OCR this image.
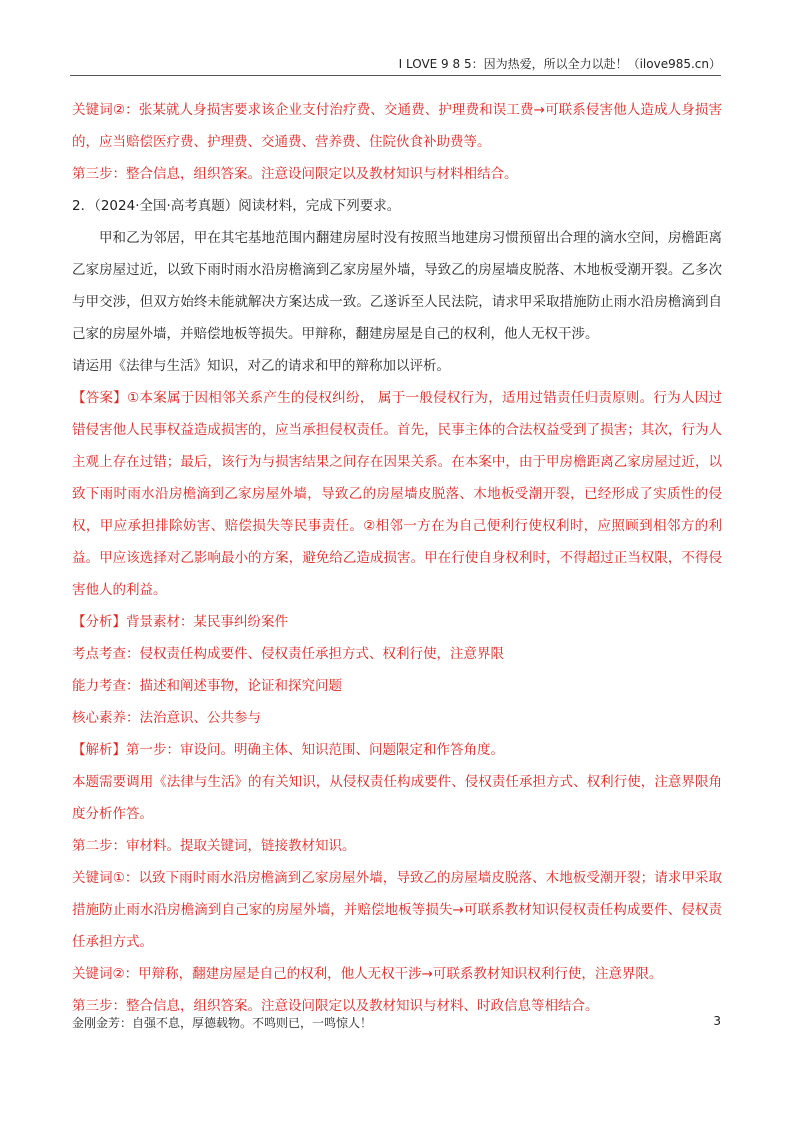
I LOVE 9 8 5：因为热爱，所以全力以赴！（ilove985.cn）

关键词②：张某就人身损害要求该企业支付治疗费、交通费、护理费和误工费→可联系侵害他人造成人身损害的，应当赔偿医疗费、护理费、交通费、营养费、住院伙食补助费等。

第三步：整合信息，组织答案。注意设问限定以及教材知识与材料相结合。

2．（2024·全国·高考真题）阅读材料，完成下列要求。

甲和乙为邻居，甲在其宅基地范围内翻建房屋时没有按照当地建房习惯预留出合理的滴水空间，房檐距离乙家房屋过近，以致下雨时雨水沿房檐滴到乙家房屋外墙，导致乙的房屋墙皮脱落、木地板受潮开裂。乙多次与甲交涉，但双方始终未能就解决方案达成一致。乙遂诉至人民法院，请求甲采取措施防止雨水沿房檐滴到自己家的房屋外墙，并赔偿地板等损失。甲辩称，翻建房屋是自己的权利，他人无权干涉。

请运用《法律与生活》知识，对乙的请求和甲的辩称加以评析。

【答案】①本案属于因相邻关系产生的侵权纠纷， 属于一般侵权行为，适用过错责任归责原则。行为人因过错侵害他人民事权益造成损害的，应当承担侵权责任。首先，民事主体的合法权益受到了损害；其次，行为人主观上存在过错；最后，该行为与损害结果之间存在因果关系。在本案中，由于甲房檐距离乙家房屋过近，以致下雨时雨水沿房檐滴到乙家房屋外墙，导致乙的房屋墙皮脱落、木地板受潮开裂，已经形成了实质性的侵权，甲应承担排除妨害、赔偿损失等民事责任。②相邻一方在为自己便利行使权利时，应照顾到相邻方的利益。甲应该选择对乙影响最小的方案，避免给乙造成损害。甲在行使自身权利时，不得超过正当权限，不得侵害他人的利益。

【分析】背景素材：某民事纠纷案件

考点考查：侵权责任构成要件、侵权责任承担方式、权利行使，注意界限

能力考查：描述和阐述事物，论证和探究问题

核心素养：法治意识、公共参与

【解析】第一步：审设问。明确主体、知识范围、问题限定和作答角度。

本题需要调用《法律与生活》的有关知识，从侵权责任构成要件、侵权责任承担方式、权利行使，注意界限角度分析作答。

第二步：审材料。提取关键词，链接教材知识。

关键词①：以致下雨时雨水沿房檐滴到乙家房屋外墙，导致乙的房屋墙皮脱落、木地板受潮开裂；请求甲采取措施防止雨水沿房檐滴到自己家的房屋外墙，并赔偿地板等损失→可联系教材知识侵权责任构成要件、侵权责任承担方式。

关键词②：甲辩称，翻建房屋是自己的权利，他人无权干涉→可联系教材知识权利行使，注意界限。

第三步：整合信息，组织答案。注意设问限定以及教材知识与材料、时政信息等相结合。

金刚金芳：自强不息，厚德载物。不鸣则已，一鸣惊人！	3
